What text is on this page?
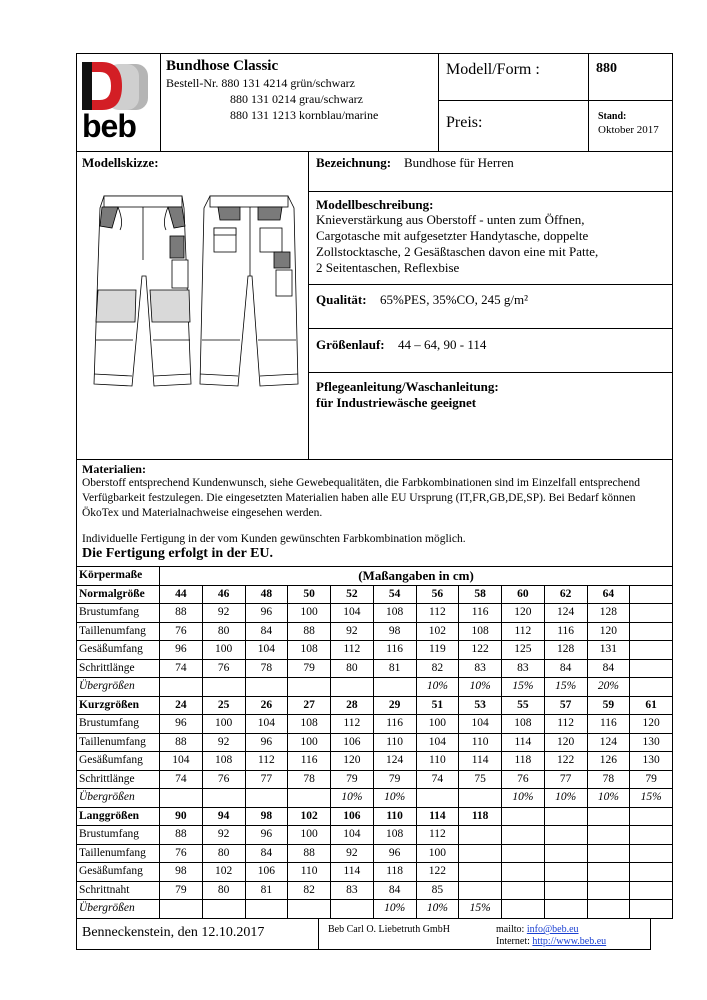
beb
Bundhose Classic
Bestell-Nr. 880 131 4214 grün/schwarz
880 131 0214 grau/schwarz
880 131 1213 kornblau/marine
Modell/Form :	880
Preis:	Stand:
Oktober 2017
Modellskizze:	Bezeichnung: Bundhose für Herren
Modellbeschreibung:
Knieverstärkung aus Oberstoff - unten zum Öffnen,
Cargotasche mit aufgesetzter Handytasche, doppelte
Zollstocktasche, 2 Gesäßtaschen davon eine mit Patte,
2 Seitentaschen, Reflexbise
Qualität: 65%PES, 35%CO, 245 g/m²
Größenlauf: 44 – 64, 90 - 114
Pflegeanleitung/Waschanleitung:
für Industriewäsche geeignet
Materialien:
Oberstoff entsprechend Kundenwunsch, siehe Gewebequalitäten, die Farbkombinationen sind im Einzelfall entsprechend
Verfügbarkeit festzulegen. Die eingesetzten Materialien haben alle EU Ursprung (IT,FR,GB,DE,SP). Bei Bedarf können
ÖkoTex und Materialnachweise eingesehen werden.
Individuelle Fertigung in der vom Kunden gewünschten Farbkombination möglich.
Die Fertigung erfolgt in der EU.
Körpermaße	(Maßangaben in cm)											
Normalgröße	44	46	48	50	52	54	56	58	60	62	64	
Brustumfang	88	92	96	100	104	108	112	116	120	124	128	
Taillenumfang	76	80	84	88	92	98	102	108	112	116	120	
Gesäßumfang	96	100	104	108	112	116	119	122	125	128	131	
Schrittlänge	74	76	78	79	80	81	82	83	83	84	84	
Übergrößen							10%	10%	15%	15%	20%	
Kurzgrößen	24	25	26	27	28	29	51	53	55	57	59	61
Brustumfang	96	100	104	108	112	116	100	104	108	112	116	120
Taillenumfang	88	92	96	100	106	110	104	110	114	120	124	130
Gesäßumfang	104	108	112	116	120	124	110	114	118	122	126	130
Schrittlänge	74	76	77	78	79	79	74	75	76	77	78	79
Übergrößen					10%	10%			10%	10%	10%	15%
Langgrößen	90	94	98	102	106	110	114	118				
Brustumfang	88	92	96	100	104	108	112					
Taillenumfang	76	80	84	88	92	96	100					
Gesäßumfang	98	102	106	110	114	118	122					
Schrittnaht	79	80	81	82	83	84	85					
Übergrößen						10%	10%	15%				
Benneckenstein, den 12.10.2017	Beb Carl O. Liebetruth GmbH	mailto: info@beb.eu
Internet: http://www.beb.eu
